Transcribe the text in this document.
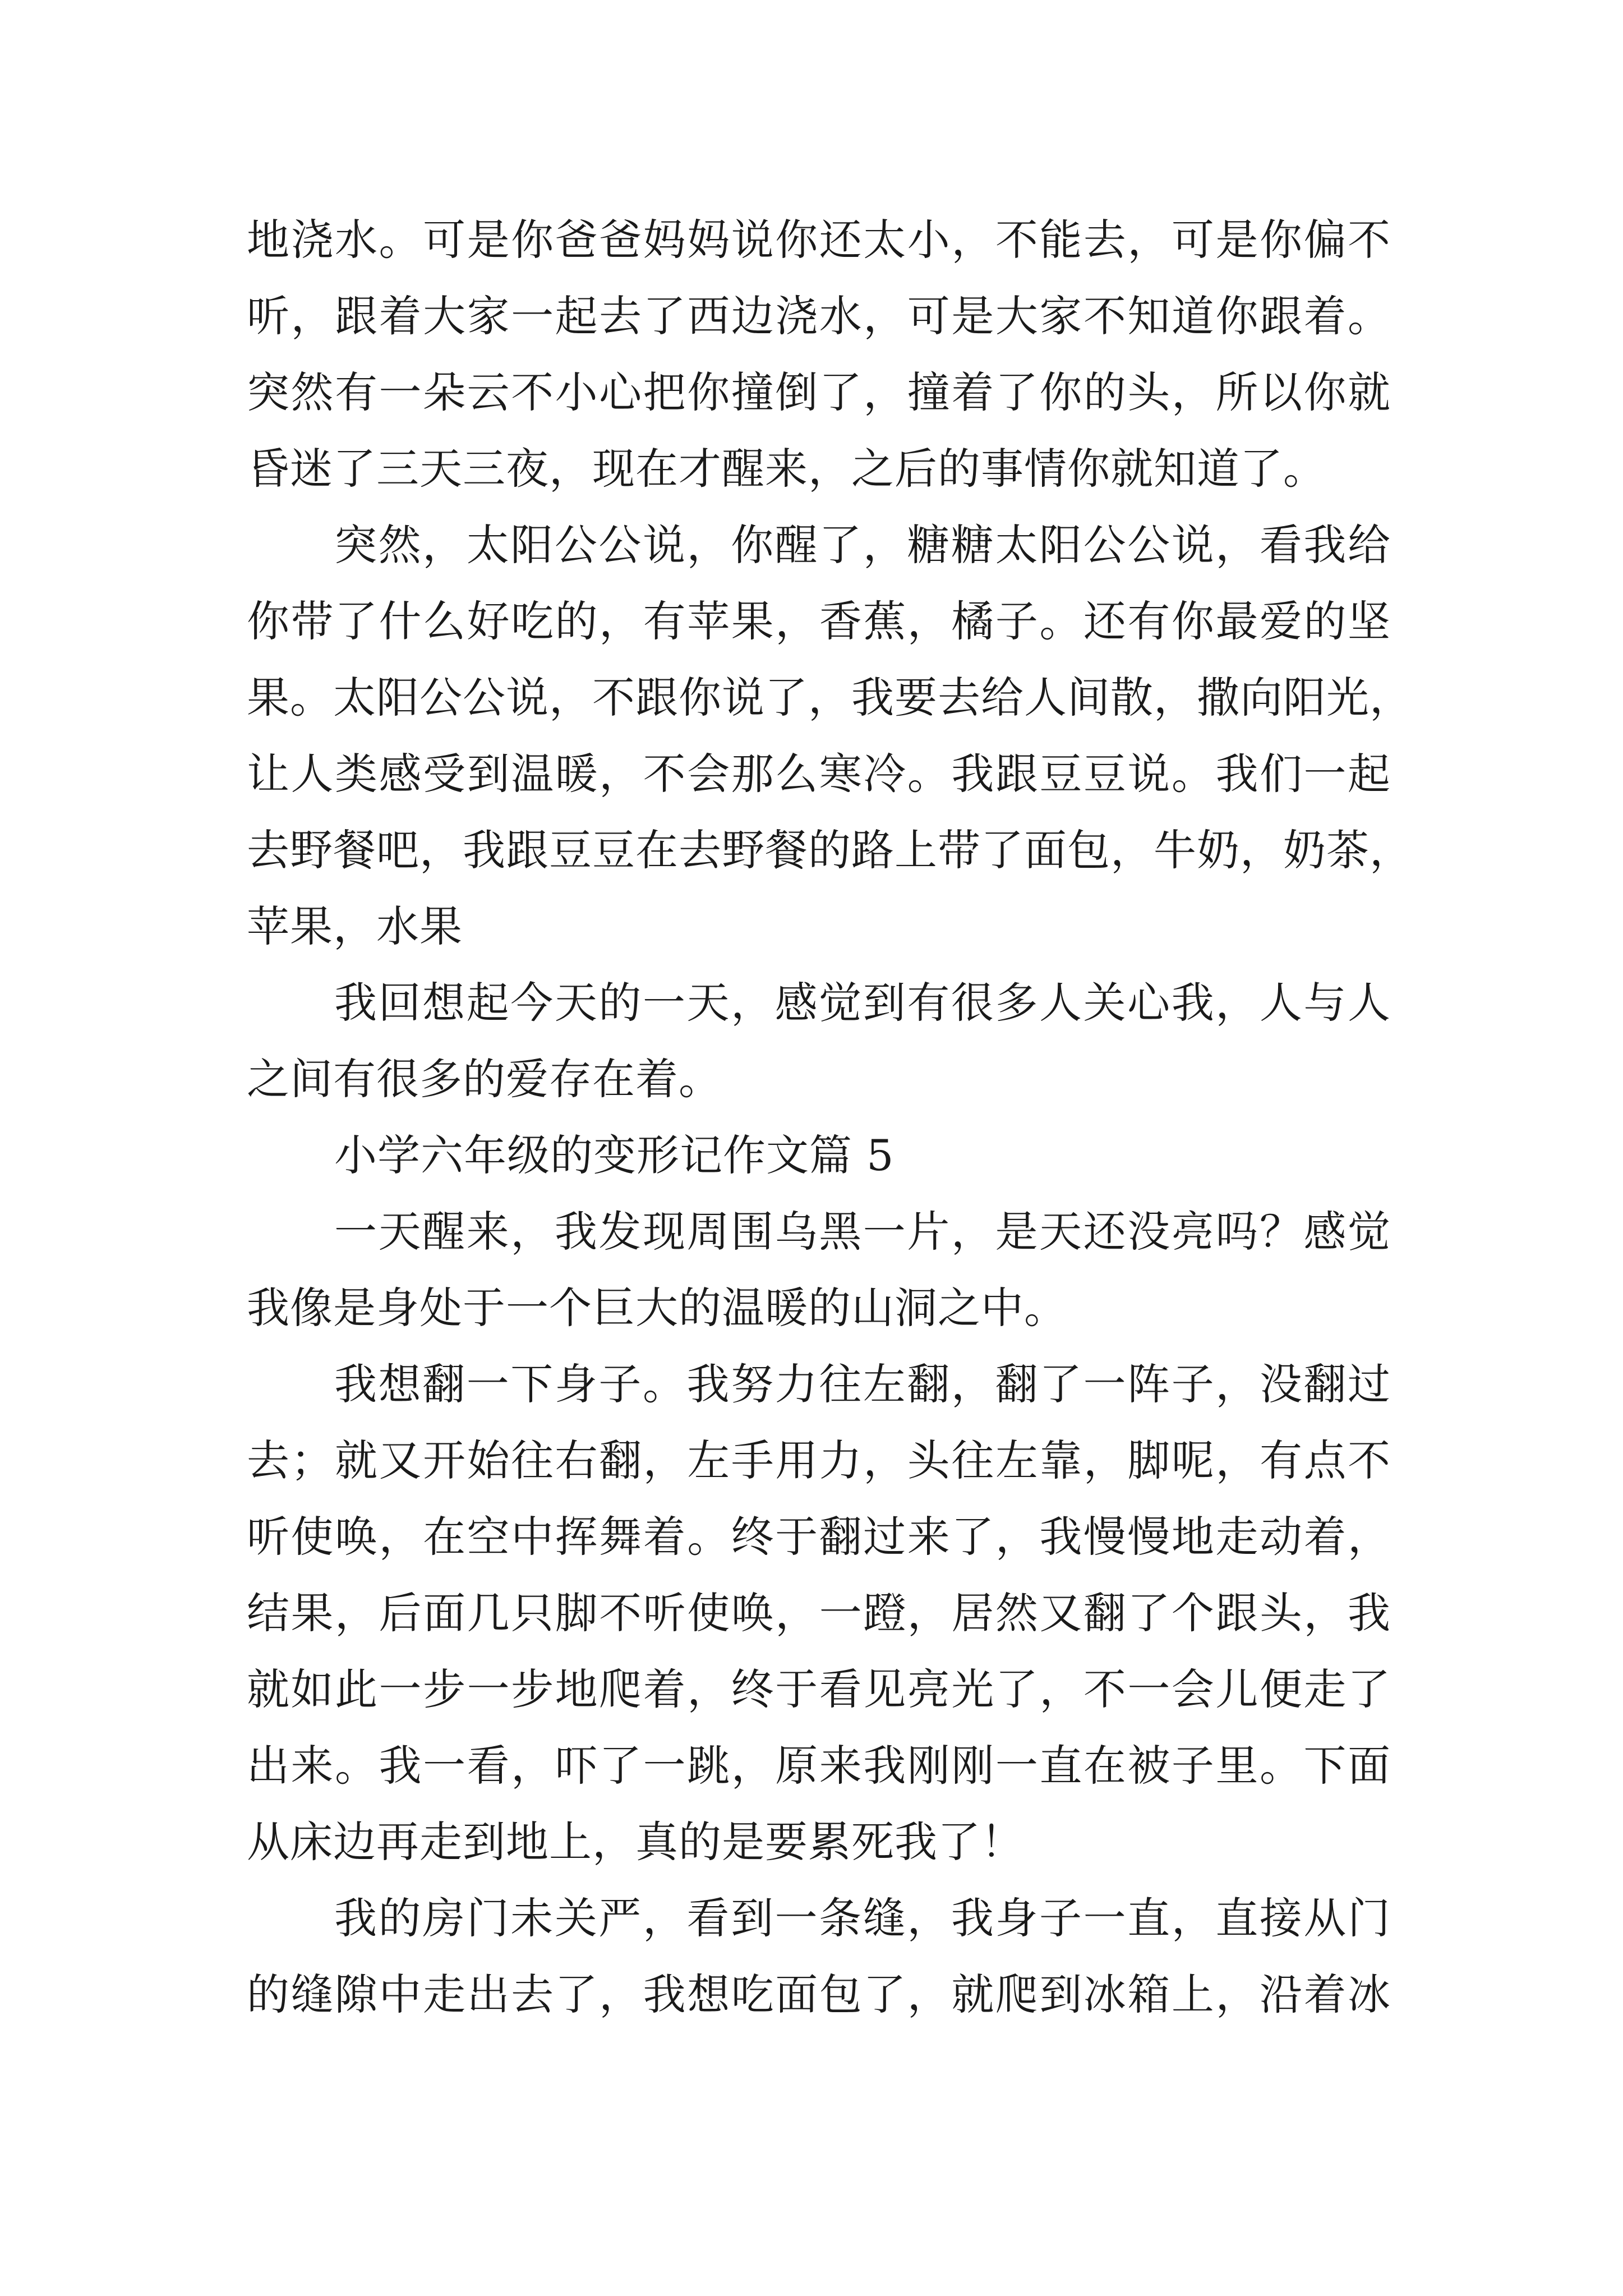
地浇水。可是你爸爸妈妈说你还太小，不能去，可是你偏不
听，跟着大家一起去了西边浇水，可是大家不知道你跟着。
突然有一朵云不小心把你撞倒了，撞着了你的头，所以你就
昏迷了三天三夜，现在才醒来，之后的事情你就知道了。
突然，太阳公公说，你醒了，糖糖太阳公公说，看我给
你带了什么好吃的，有苹果，香蕉，橘子。还有你最爱的坚
果。太阳公公说，不跟你说了，我要去给人间散，撒向阳光，
让人类感受到温暖，不会那么寒冷。我跟豆豆说。我们一起
去野餐吧，我跟豆豆在去野餐的路上带了面包，牛奶，奶茶，
苹果，水果
我回想起今天的一天，感觉到有很多人关心我，人与人
之间有很多的爱存在着。
小学六年级的变形记作文篇 5
一天醒来，我发现周围乌黑一片，是天还没亮吗？感觉
我像是身处于一个巨大的温暖的山洞之中。
我想翻一下身子。我努力往左翻，翻了一阵子，没翻过
去；就又开始往右翻，左手用力，头往左靠，脚呢，有点不
听使唤，在空中挥舞着。终于翻过来了，我慢慢地走动着，
结果，后面几只脚不听使唤，一蹬，居然又翻了个跟头，我
就如此一步一步地爬着，终于看见亮光了，不一会儿便走了
出来。我一看，吓了一跳，原来我刚刚一直在被子里。下面
从床边再走到地上，真的是要累死我了！
我的房门未关严，看到一条缝，我身子一直，直接从门
的缝隙中走出去了，我想吃面包了，就爬到冰箱上，沿着冰
